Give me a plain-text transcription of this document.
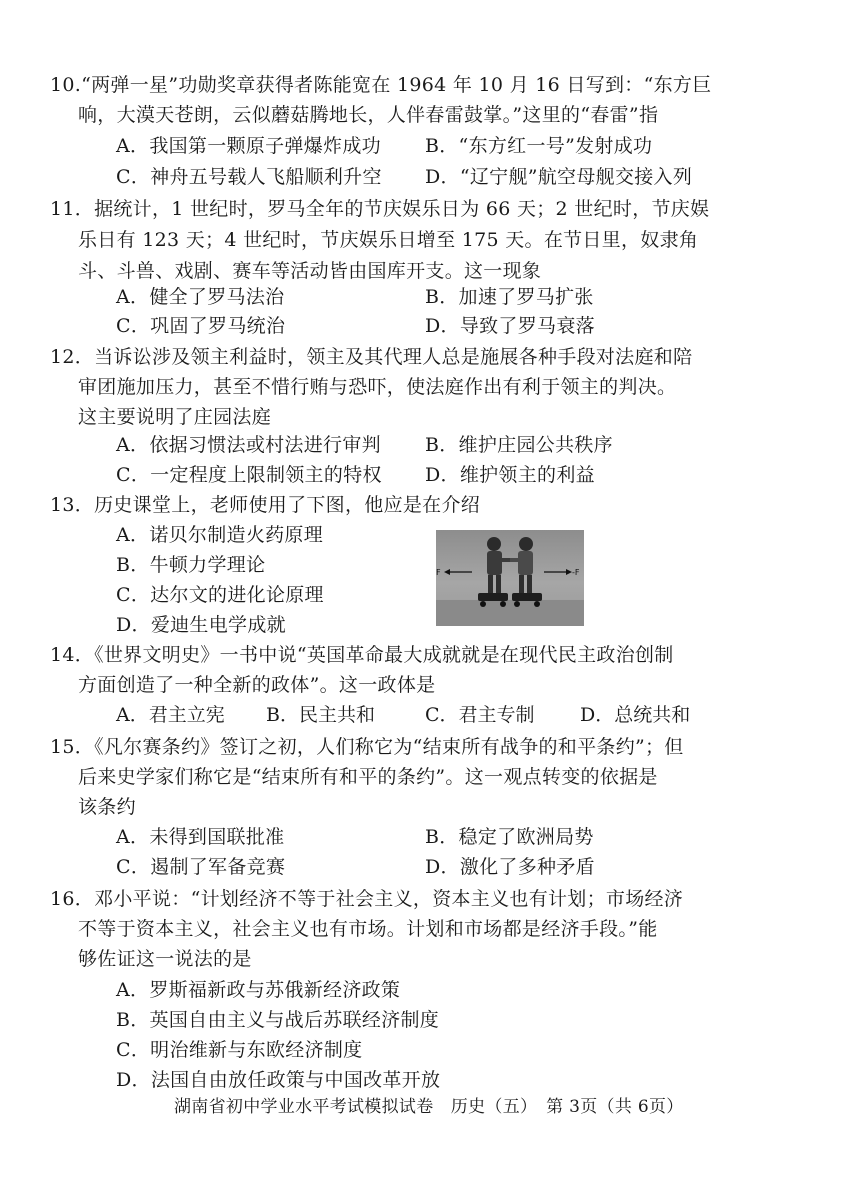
10.“两弹一星”功勋奖章获得者陈能宽在 1964 年 10 月 16 日写到：“东方巨
响，大漠天苍朗，云似蘑菇腾地长，人伴春雷鼓掌。”这里的“春雷”指
A．我国第一颗原子弹爆炸成功 B．“东方红一号”发射成功
C．神舟五号载人飞船顺利升空 D．“辽宁舰”航空母舰交接入列
11．据统计，1 世纪时，罗马全年的节庆娱乐日为 66 天；2 世纪时，节庆娱
乐日有 123 天；4 世纪时，节庆娱乐日增至 175 天。在节日里，奴隶角
斗、斗兽、戏剧、赛车等活动皆由国库开支。这一现象
A．健全了罗马法治	B．加速了罗马扩张
C．巩固了罗马统治	D．导致了罗马衰落
12．当诉讼涉及领主利益时，领主及其代理人总是施展各种手段对法庭和陪
审团施加压力，甚至不惜行贿与恐吓，使法庭作出有利于领主的判决。
这主要说明了庄园法庭
A．依据习惯法或村法进行审判 B．维护庄园公共秩序
C．一定程度上限制领主的特权 D．维护领主的利益
13．历史课堂上，老师使用了下图，他应是在介绍
A．诺贝尔制造火药原理
B．牛顿力学理论
C．达尔文的进化论原理
D．爱迪生电学成就
F	-F
14．《世界文明史》一书中说“英国革命最大成就就是在现代民主政治创制
方面创造了一种全新的政体”。这一政体是
A．君主立宪 B．民主共和	C．君主专制 D．总统共和
15．《凡尔赛条约》签订之初，人们称它为“结束所有战争的和平条约”；但
后来史学家们称它是“结束所有和平的条约”。这一观点转变的依据是
该条约
A．未得到国联批准	B．稳定了欧洲局势
C．遏制了军备竞赛	D．激化了多种矛盾
16．邓小平说：“计划经济不等于社会主义，资本主义也有计划；市场经济
不等于资本主义，社会主义也有市场。计划和市场都是经济手段。”能
够佐证这一说法的是
A．罗斯福新政与苏俄新经济政策
B．英国自由主义与战后苏联经济制度
C．明治维新与东欧经济制度
D．法国自由放任政策与中国改革开放
湖南省初中学业水平考试模拟试卷　历史（五）　第 3页（共 6页）
